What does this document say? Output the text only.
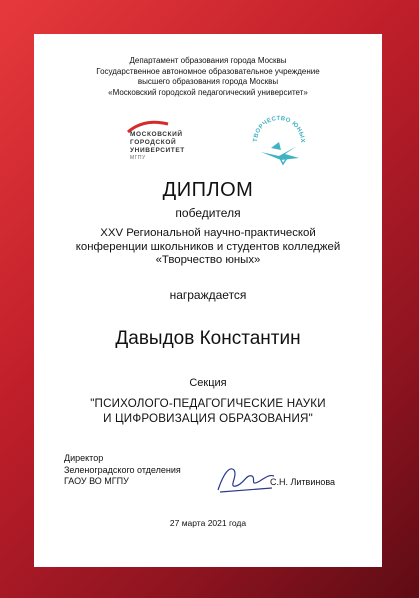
Департамент образования города Москвы
Государственное автономное образовательное учреждение
высшего образования города Москвы
«Московский городской педагогический университет»
МОСКОВСКИЙ
ГОРОДСКОЙ
УНИВЕРСИТЕТ
МГПУ
ТВОРЧЕСТВО ЮНЫХ
ДИПЛОМ
победителя
XXV Региональной научно-практической
конференции школьников и студентов колледжей
«Творчество юных»
награждается
Давыдов Константин
Секция
"ПСИХОЛОГО-ПЕДАГОГИЧЕСКИЕ НАУКИ
И ЦИФРОВИЗАЦИЯ ОБРАЗОВАНИЯ"
Директор
Зеленоградского отделения
ГАОУ ВО МГПУ	С.Н. Литвинова
27 марта 2021 года
